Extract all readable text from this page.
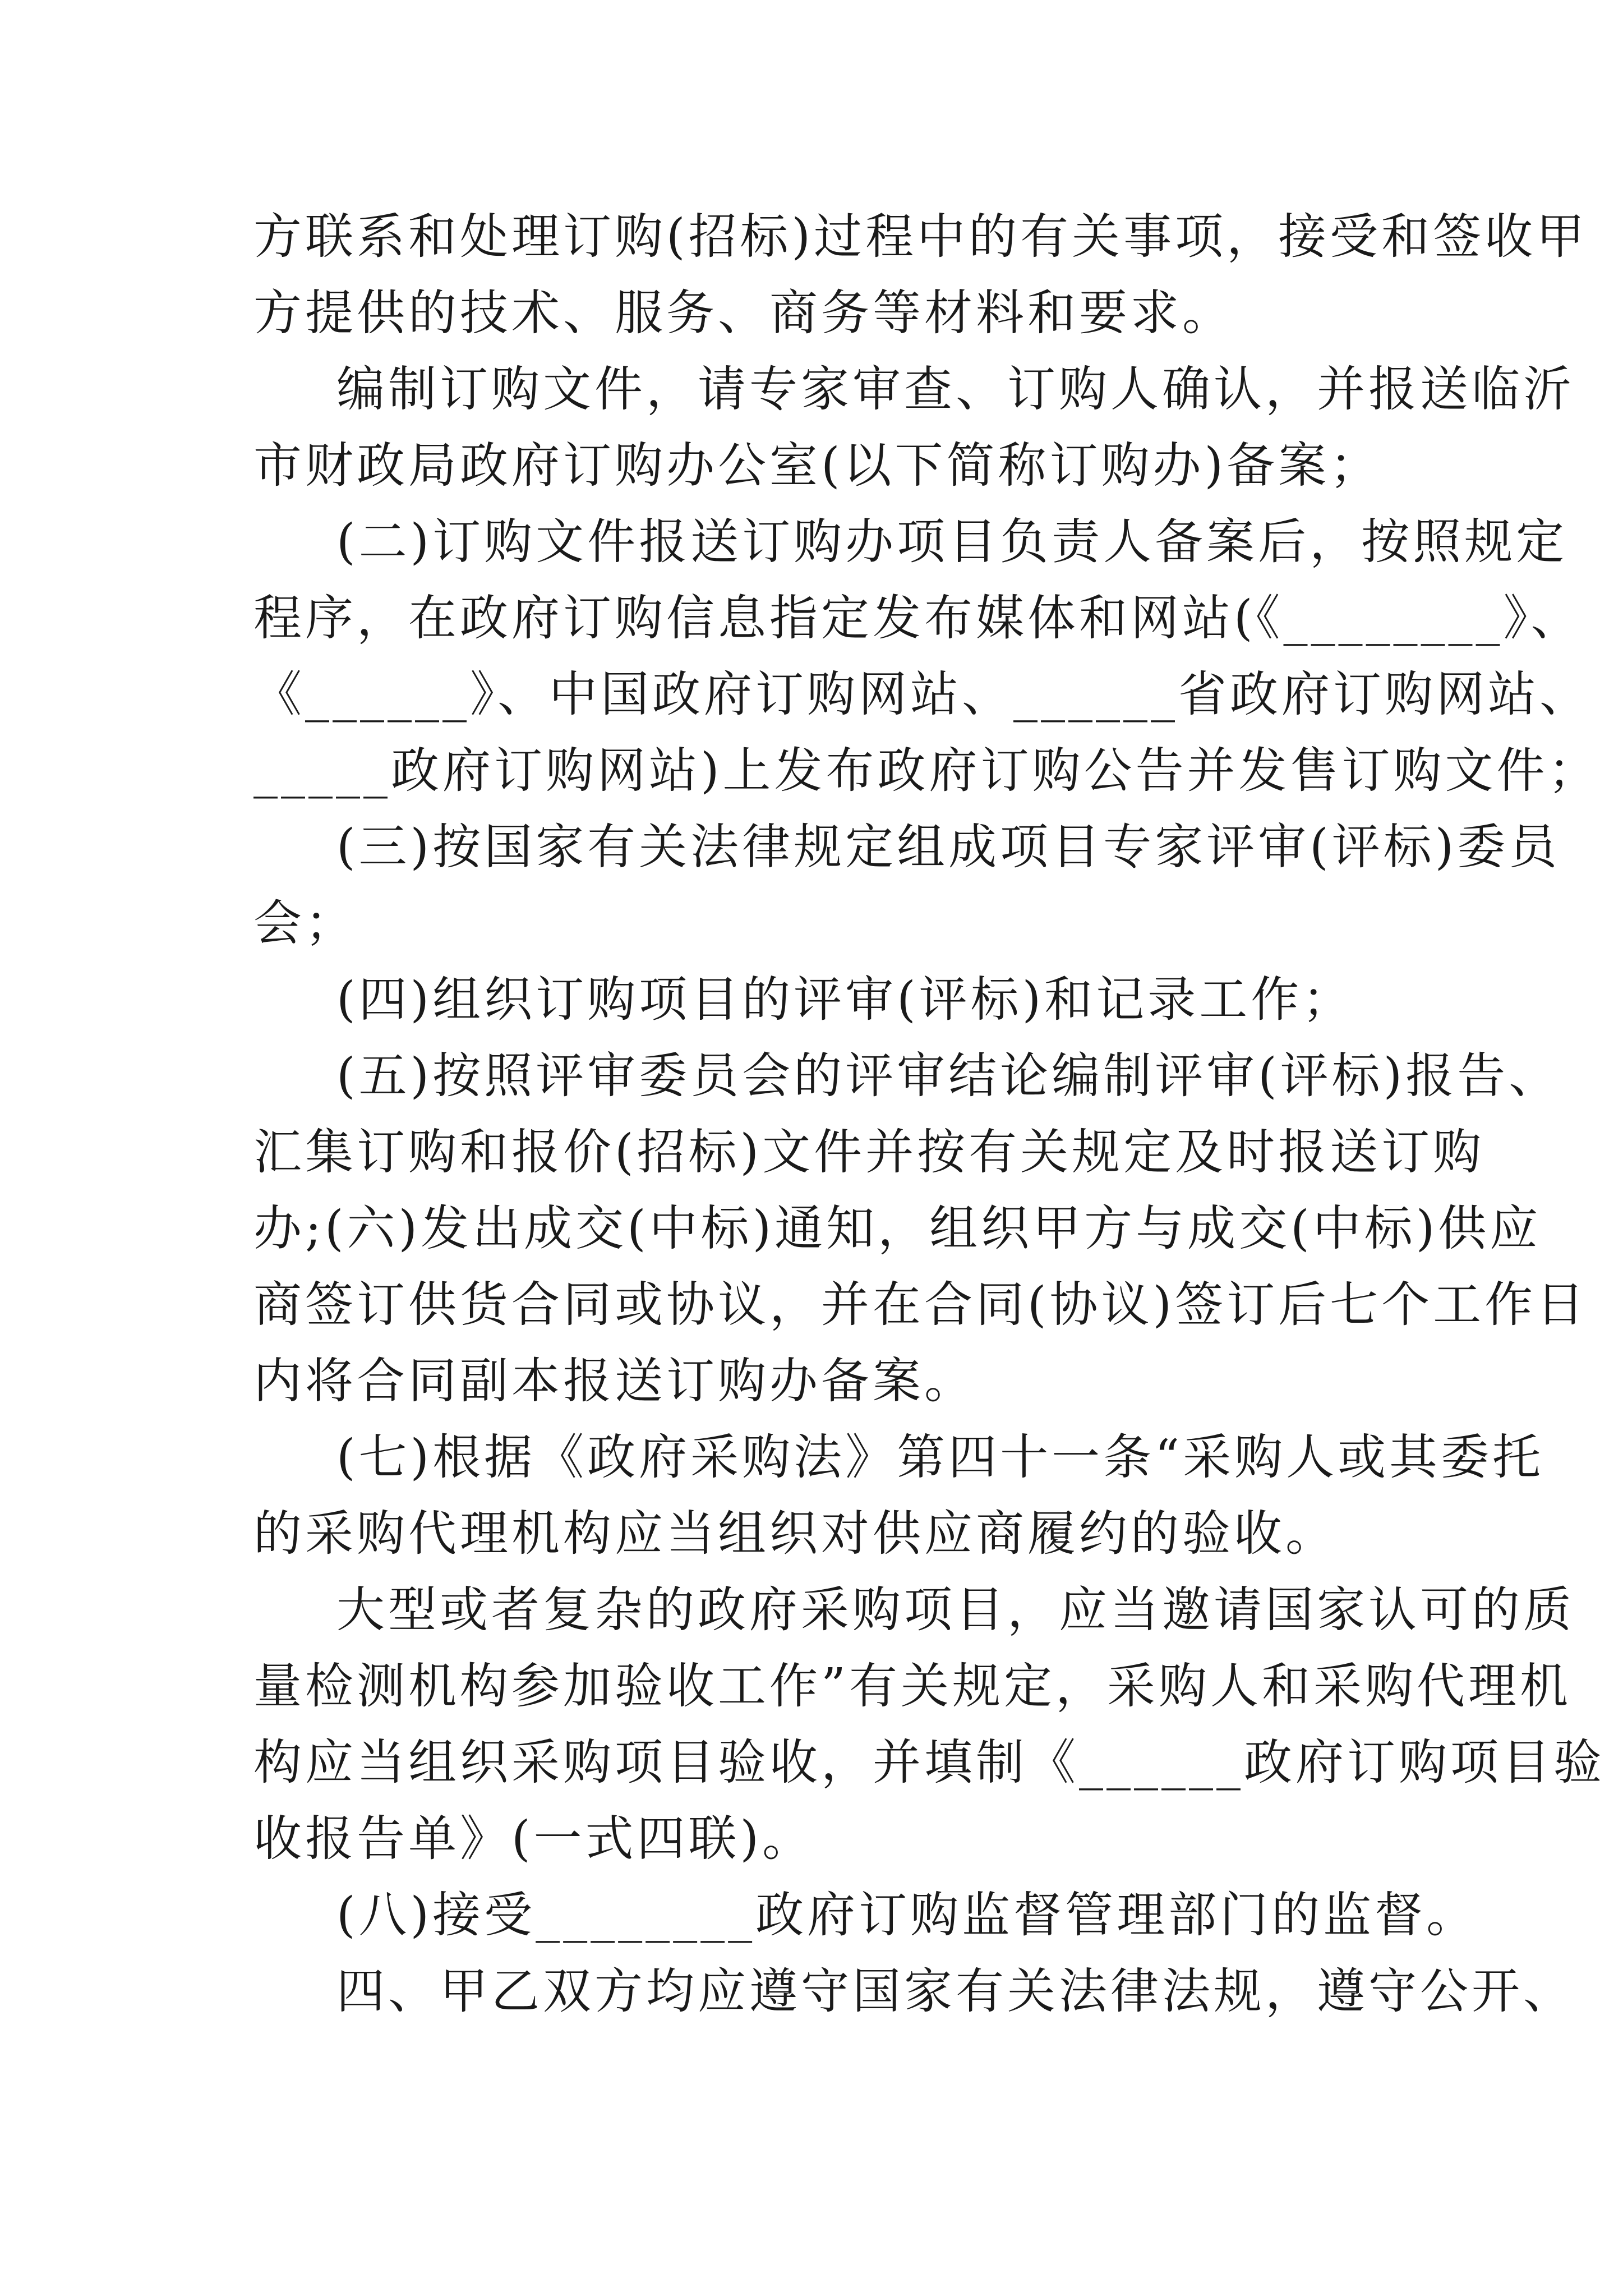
方联系和处理订购(招标)过程中的有关事项，接受和签收甲
方提供的技术、服务、商务等材料和要求。
编制订购文件，请专家审查、订购人确认，并报送临沂
市财政局政府订购办公室(以下简称订购办)备案；
(二)订购文件报送订购办项目负责人备案后，按照规定
程序，在政府订购信息指定发布媒体和网站(《________》、
《______》、中国政府订购网站、______省政府订购网站、
_____政府订购网站)上发布政府订购公告并发售订购文件；
(三)按国家有关法律规定组成项目专家评审(评标)委员
会；
(四)组织订购项目的评审(评标)和记录工作；
(五)按照评审委员会的评审结论编制评审(评标)报告、
汇集订购和报价(招标)文件并按有关规定及时报送订购
办;(六)发出成交(中标)通知，组织甲方与成交(中标)供应
商签订供货合同或协议，并在合同(协议)签订后七个工作日
内将合同副本报送订购办备案。
(七)根据《政府采购法》第四十一条“采购人或其委托
的采购代理机构应当组织对供应商履约的验收。
大型或者复杂的政府采购项目，应当邀请国家认可的质
量检测机构参加验收工作”有关规定，采购人和采购代理机
构应当组织采购项目验收，并填制《______政府订购项目验
收报告单》(一式四联)。
(八)接受________政府订购监督管理部门的监督。
四、甲乙双方均应遵守国家有关法律法规，遵守公开、
